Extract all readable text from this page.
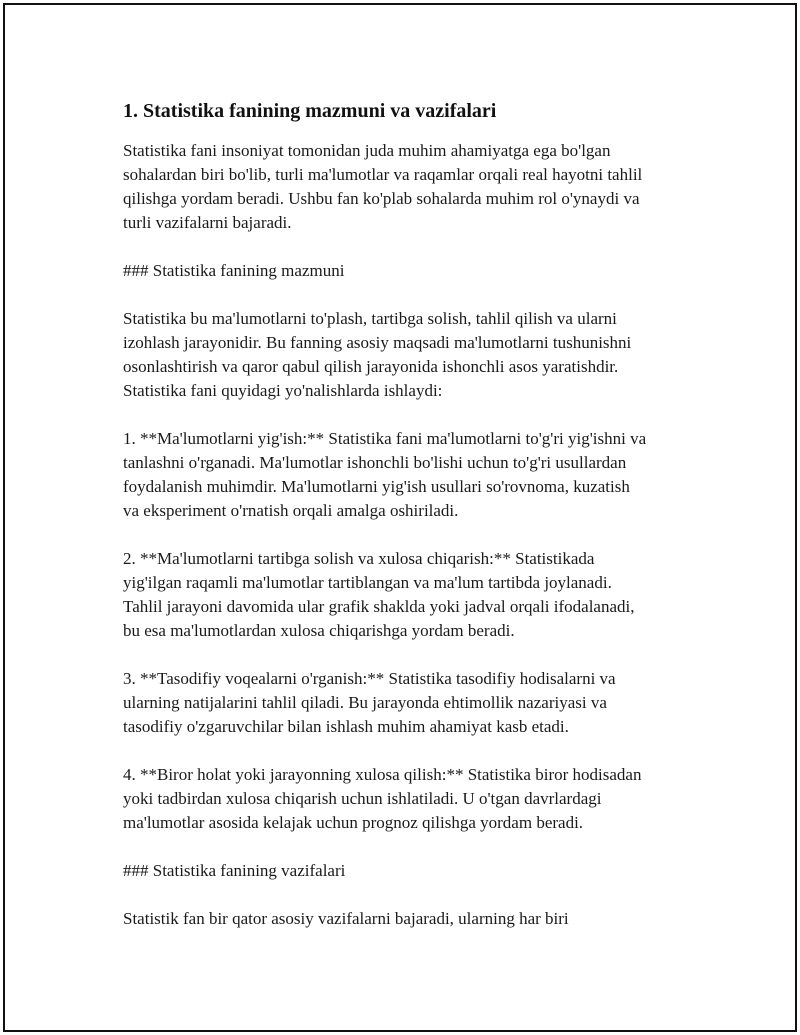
1. Statistika fanining mazmuni va vazifalari

Statistika fani insoniyat tomonidan juda muhim ahamiyatga ega bo'lgan
sohalardan biri bo'lib, turli ma'lumotlar va raqamlar orqali real hayotni tahlil
qilishga yordam beradi. Ushbu fan ko'plab sohalarda muhim rol o'ynaydi va
turli vazifalarni bajaradi.

### Statistika fanining mazmuni

Statistika bu ma'lumotlarni to'plash, tartibga solish, tahlil qilish va ularni
izohlash jarayonidir. Bu fanning asosiy maqsadi ma'lumotlarni tushunishni
osonlashtirish va qaror qabul qilish jarayonida ishonchli asos yaratishdir.
Statistika fani quyidagi yo'nalishlarda ishlaydi:

1. **Ma'lumotlarni yig'ish:** Statistika fani ma'lumotlarni to'g'ri yig'ishni va
tanlashni o'rganadi. Ma'lumotlar ishonchli bo'lishi uchun to'g'ri usullardan
foydalanish muhimdir. Ma'lumotlarni yig'ish usullari so'rovnoma, kuzatish
va eksperiment o'rnatish orqali amalga oshiriladi.

2. **Ma'lumotlarni tartibga solish va xulosa chiqarish:** Statistikada
yig'ilgan raqamli ma'lumotlar tartiblangan va ma'lum tartibda joylanadi.
Tahlil jarayoni davomida ular grafik shaklda yoki jadval orqali ifodalanadi,
bu esa ma'lumotlardan xulosa chiqarishga yordam beradi.

3. **Tasodifiy voqealarni o'rganish:** Statistika tasodifiy hodisalarni va
ularning natijalarini tahlil qiladi. Bu jarayonda ehtimollik nazariyasi va
tasodifiy o'zgaruvchilar bilan ishlash muhim ahamiyat kasb etadi.

4. **Biror holat yoki jarayonning xulosa qilish:** Statistika biror hodisadan
yoki tadbirdan xulosa chiqarish uchun ishlatiladi. U o'tgan davrlardagi
ma'lumotlar asosida kelajak uchun prognoz qilishga yordam beradi.

### Statistika fanining vazifalari

Statistik fan bir qator asosiy vazifalarni bajaradi, ularning har biri
